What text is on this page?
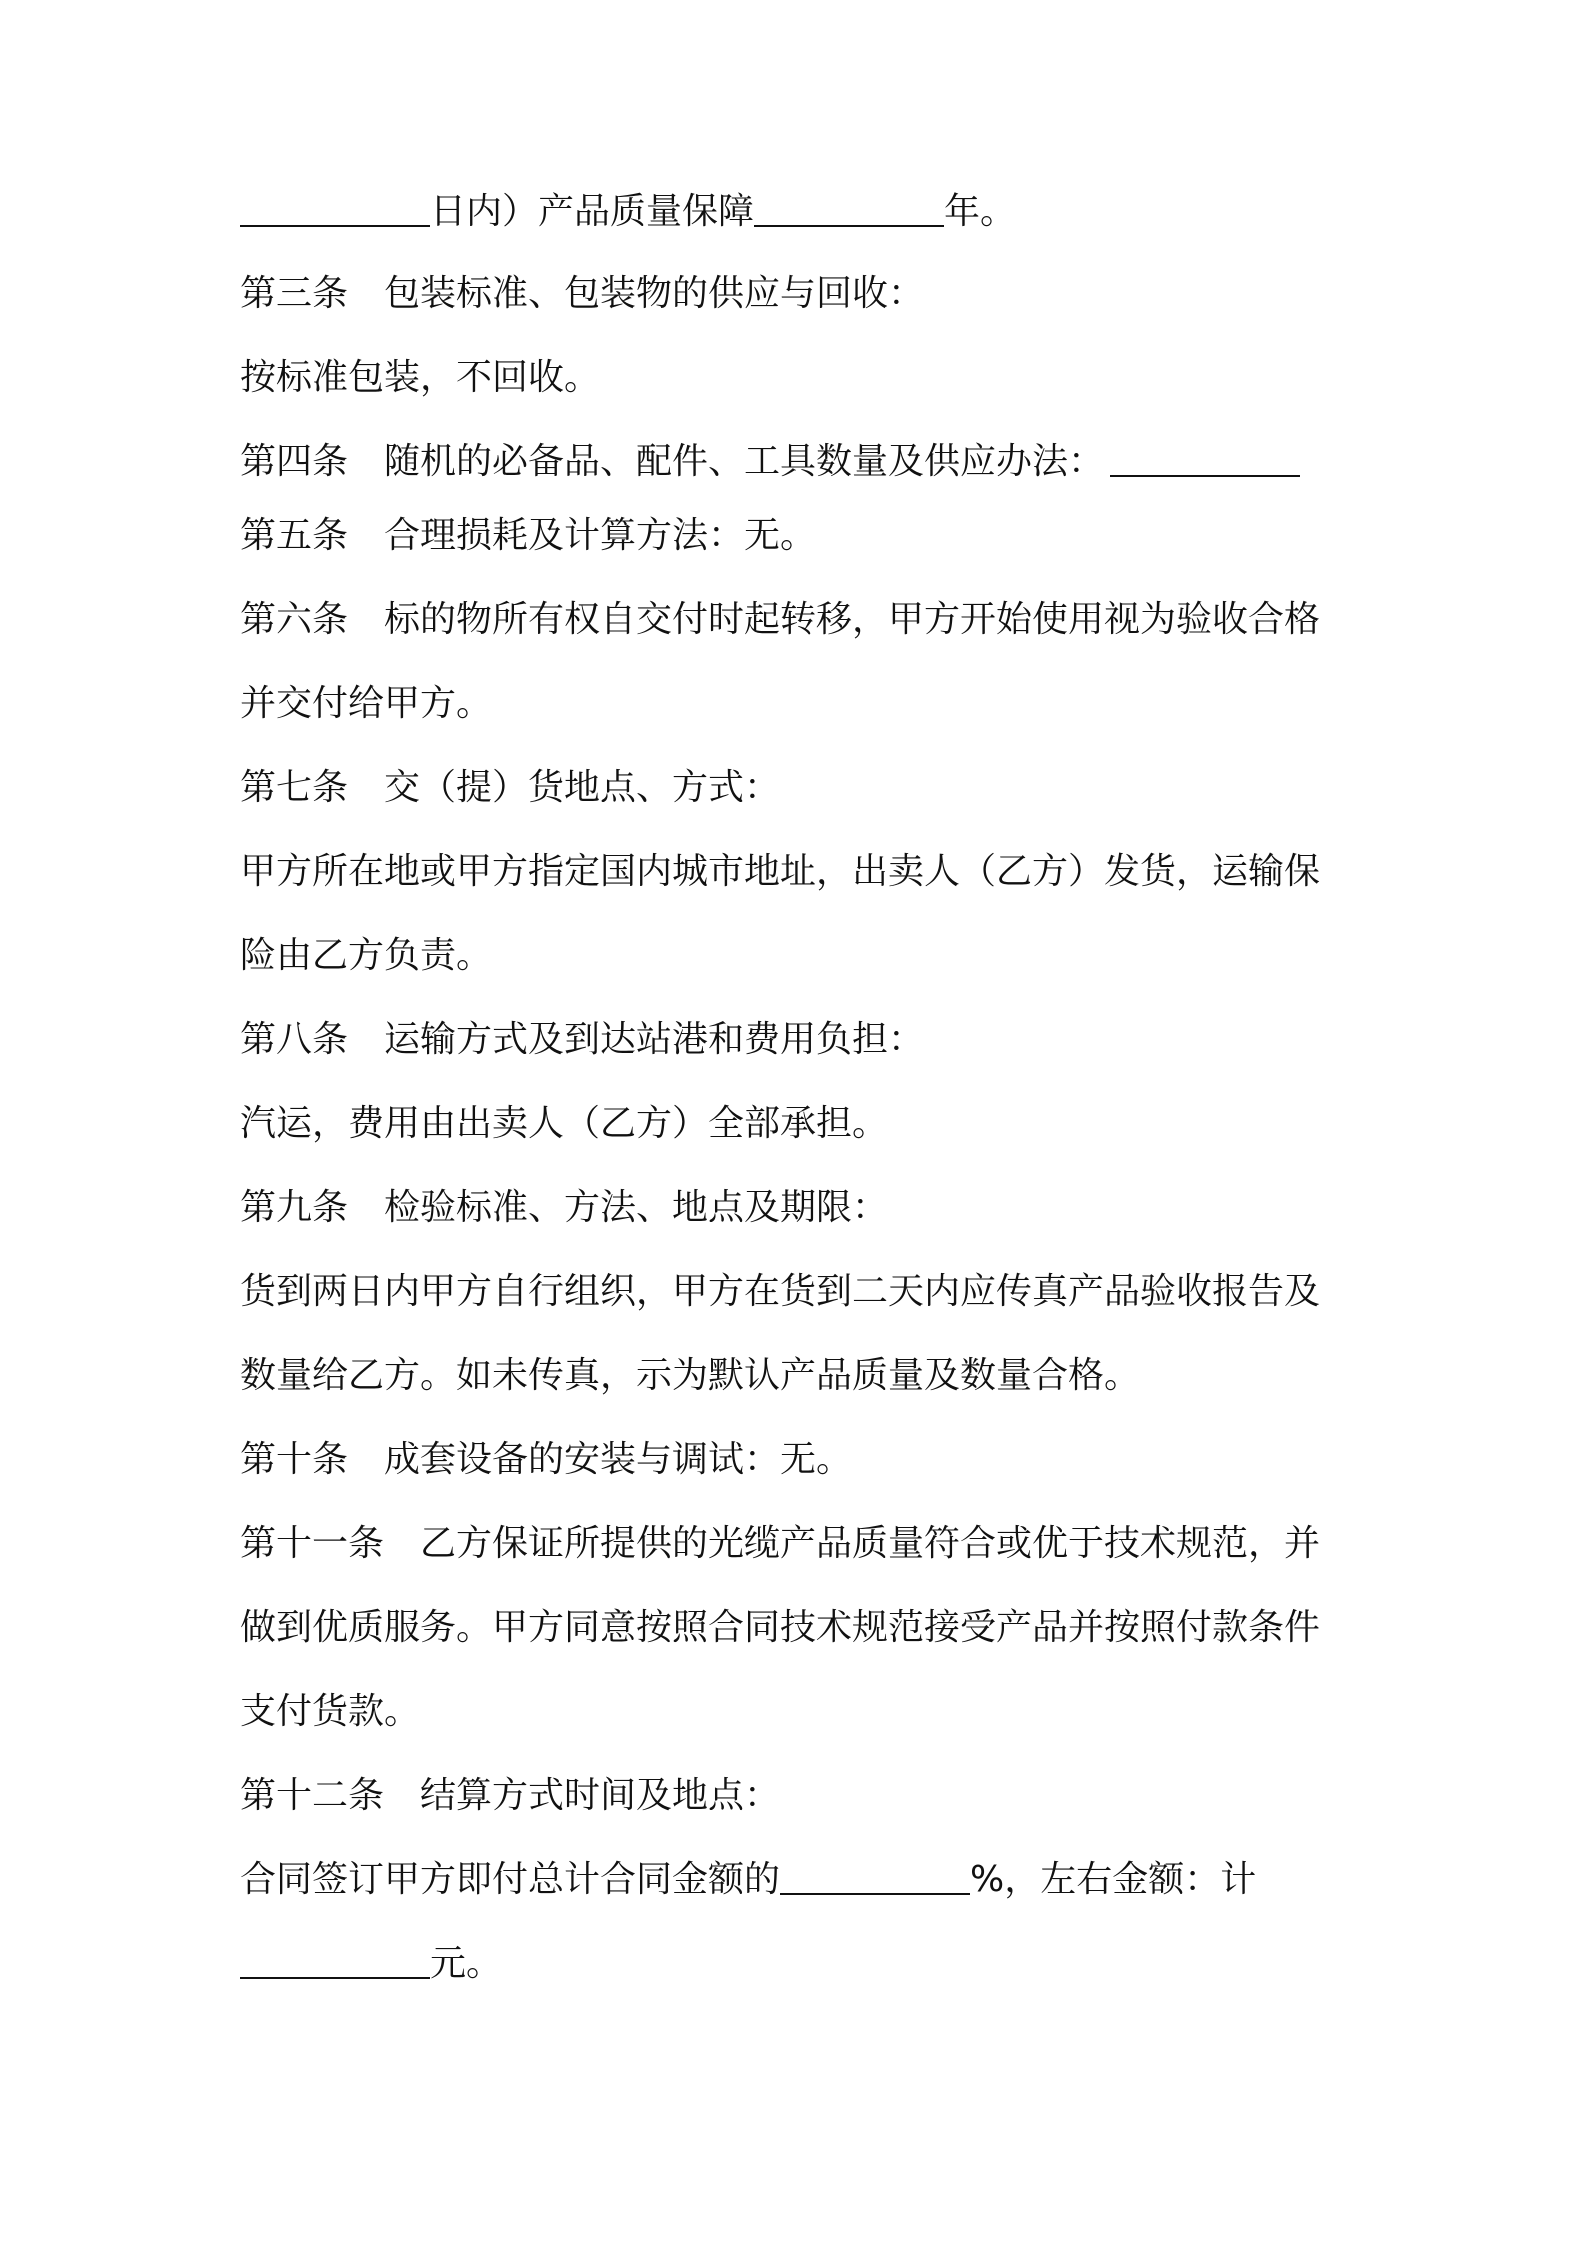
日内）产品质量保障	年。
第三条 包装标准、包装物的供应与回收：
按标准包装，不回收。
第四条 随机的必备品、配件、工具数量及供应办法：
第五条 合理损耗及计算方法：无。
第六条 标的物所有权自交付时起转移，甲方开始使用视为验收合格
并交付给甲方。
第七条 交（提）货地点、方式：
甲方所在地或甲方指定国内城市地址，出卖人（乙方）发货，运输保
险由乙方负责。
第八条 运输方式及到达站港和费用负担：
汽运，费用由出卖人（乙方）全部承担。
第九条 检验标准、方法、地点及期限：
货到两日内甲方自行组织，甲方在货到二天内应传真产品验收报告及
数量给乙方。如未传真，示为默认产品质量及数量合格。
第十条 成套设备的安装与调试：无。
第十一条 乙方保证所提供的光缆产品质量符合或优于技术规范，并
做到优质服务。甲方同意按照合同技术规范接受产品并按照付款条件
支付货款。
第十二条 结算方式时间及地点：
合同签订甲方即付总计合同金额的	%，左右金额：计
元。
